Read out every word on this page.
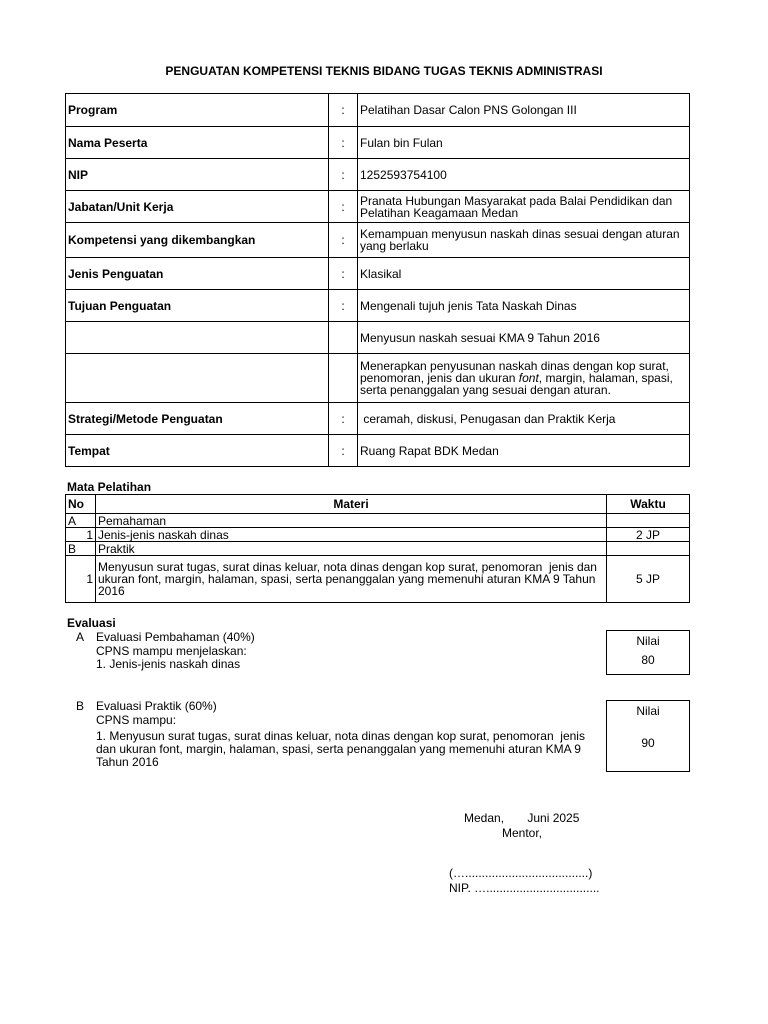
PENGUATAN KOMPETENSI TEKNIS BIDANG TUGAS TEKNIS ADMINISTRASI
Program	:	Pelatihan Dasar Calon PNS Golongan III
Nama Peserta	:	Fulan bin Fulan
NIP	:	1252593754100
Jabatan/Unit Kerja	:	Pranata Hubungan Masyarakat pada Balai Pendidikan dan Pelatihan Keagamaan Medan
Kompetensi yang dikembangkan	:	Kemampuan menyusun naskah dinas sesuai dengan aturan yang berlaku
Jenis Penguatan	:	Klasikal
Tujuan Penguatan	:	Mengenali tujuh jenis Tata Naskah Dinas
		Menyusun naskah sesuai KMA 9 Tahun 2016
		Menerapkan penyusunan naskah dinas dengan kop surat, penomoran, jenis dan ukuran font, margin, halaman, spasi, serta penanggalan yang sesuai dengan aturan.
Strategi/Metode Penguatan	:	ceramah, diskusi, Penugasan dan Praktik Kerja
Tempat	:	Ruang Rapat BDK Medan
Mata Pelatihan
No	Materi	Waktu
A	Pemahaman	
1	Jenis-jenis naskah dinas	2 JP
B	Praktik	
1	Menyusun surat tugas, surat dinas keluar, nota dinas dengan kop surat, penomoran  jenis dan ukuran font, margin, halaman, spasi, serta penanggalan yang memenuhi aturan KMA 9 Tahun 2016	5 JP
Evaluasi
A Evaluasi Pembahaman (40%)
CPNS mampu menjelaskan:
1. Jenis-jenis naskah dinas
Nilai
80
B Evaluasi Praktik (60%)
CPNS mampu:
1. Menyusun surat tugas, surat dinas keluar, nota dinas dengan kop surat, penomoran  jenis dan ukuran font, margin, halaman, spasi, serta penanggalan yang memenuhi aturan KMA 9 Tahun 2016
Nilai
90
Medan,       Juni 2025
Mentor,
(….....................................)
NIP. …..................................
